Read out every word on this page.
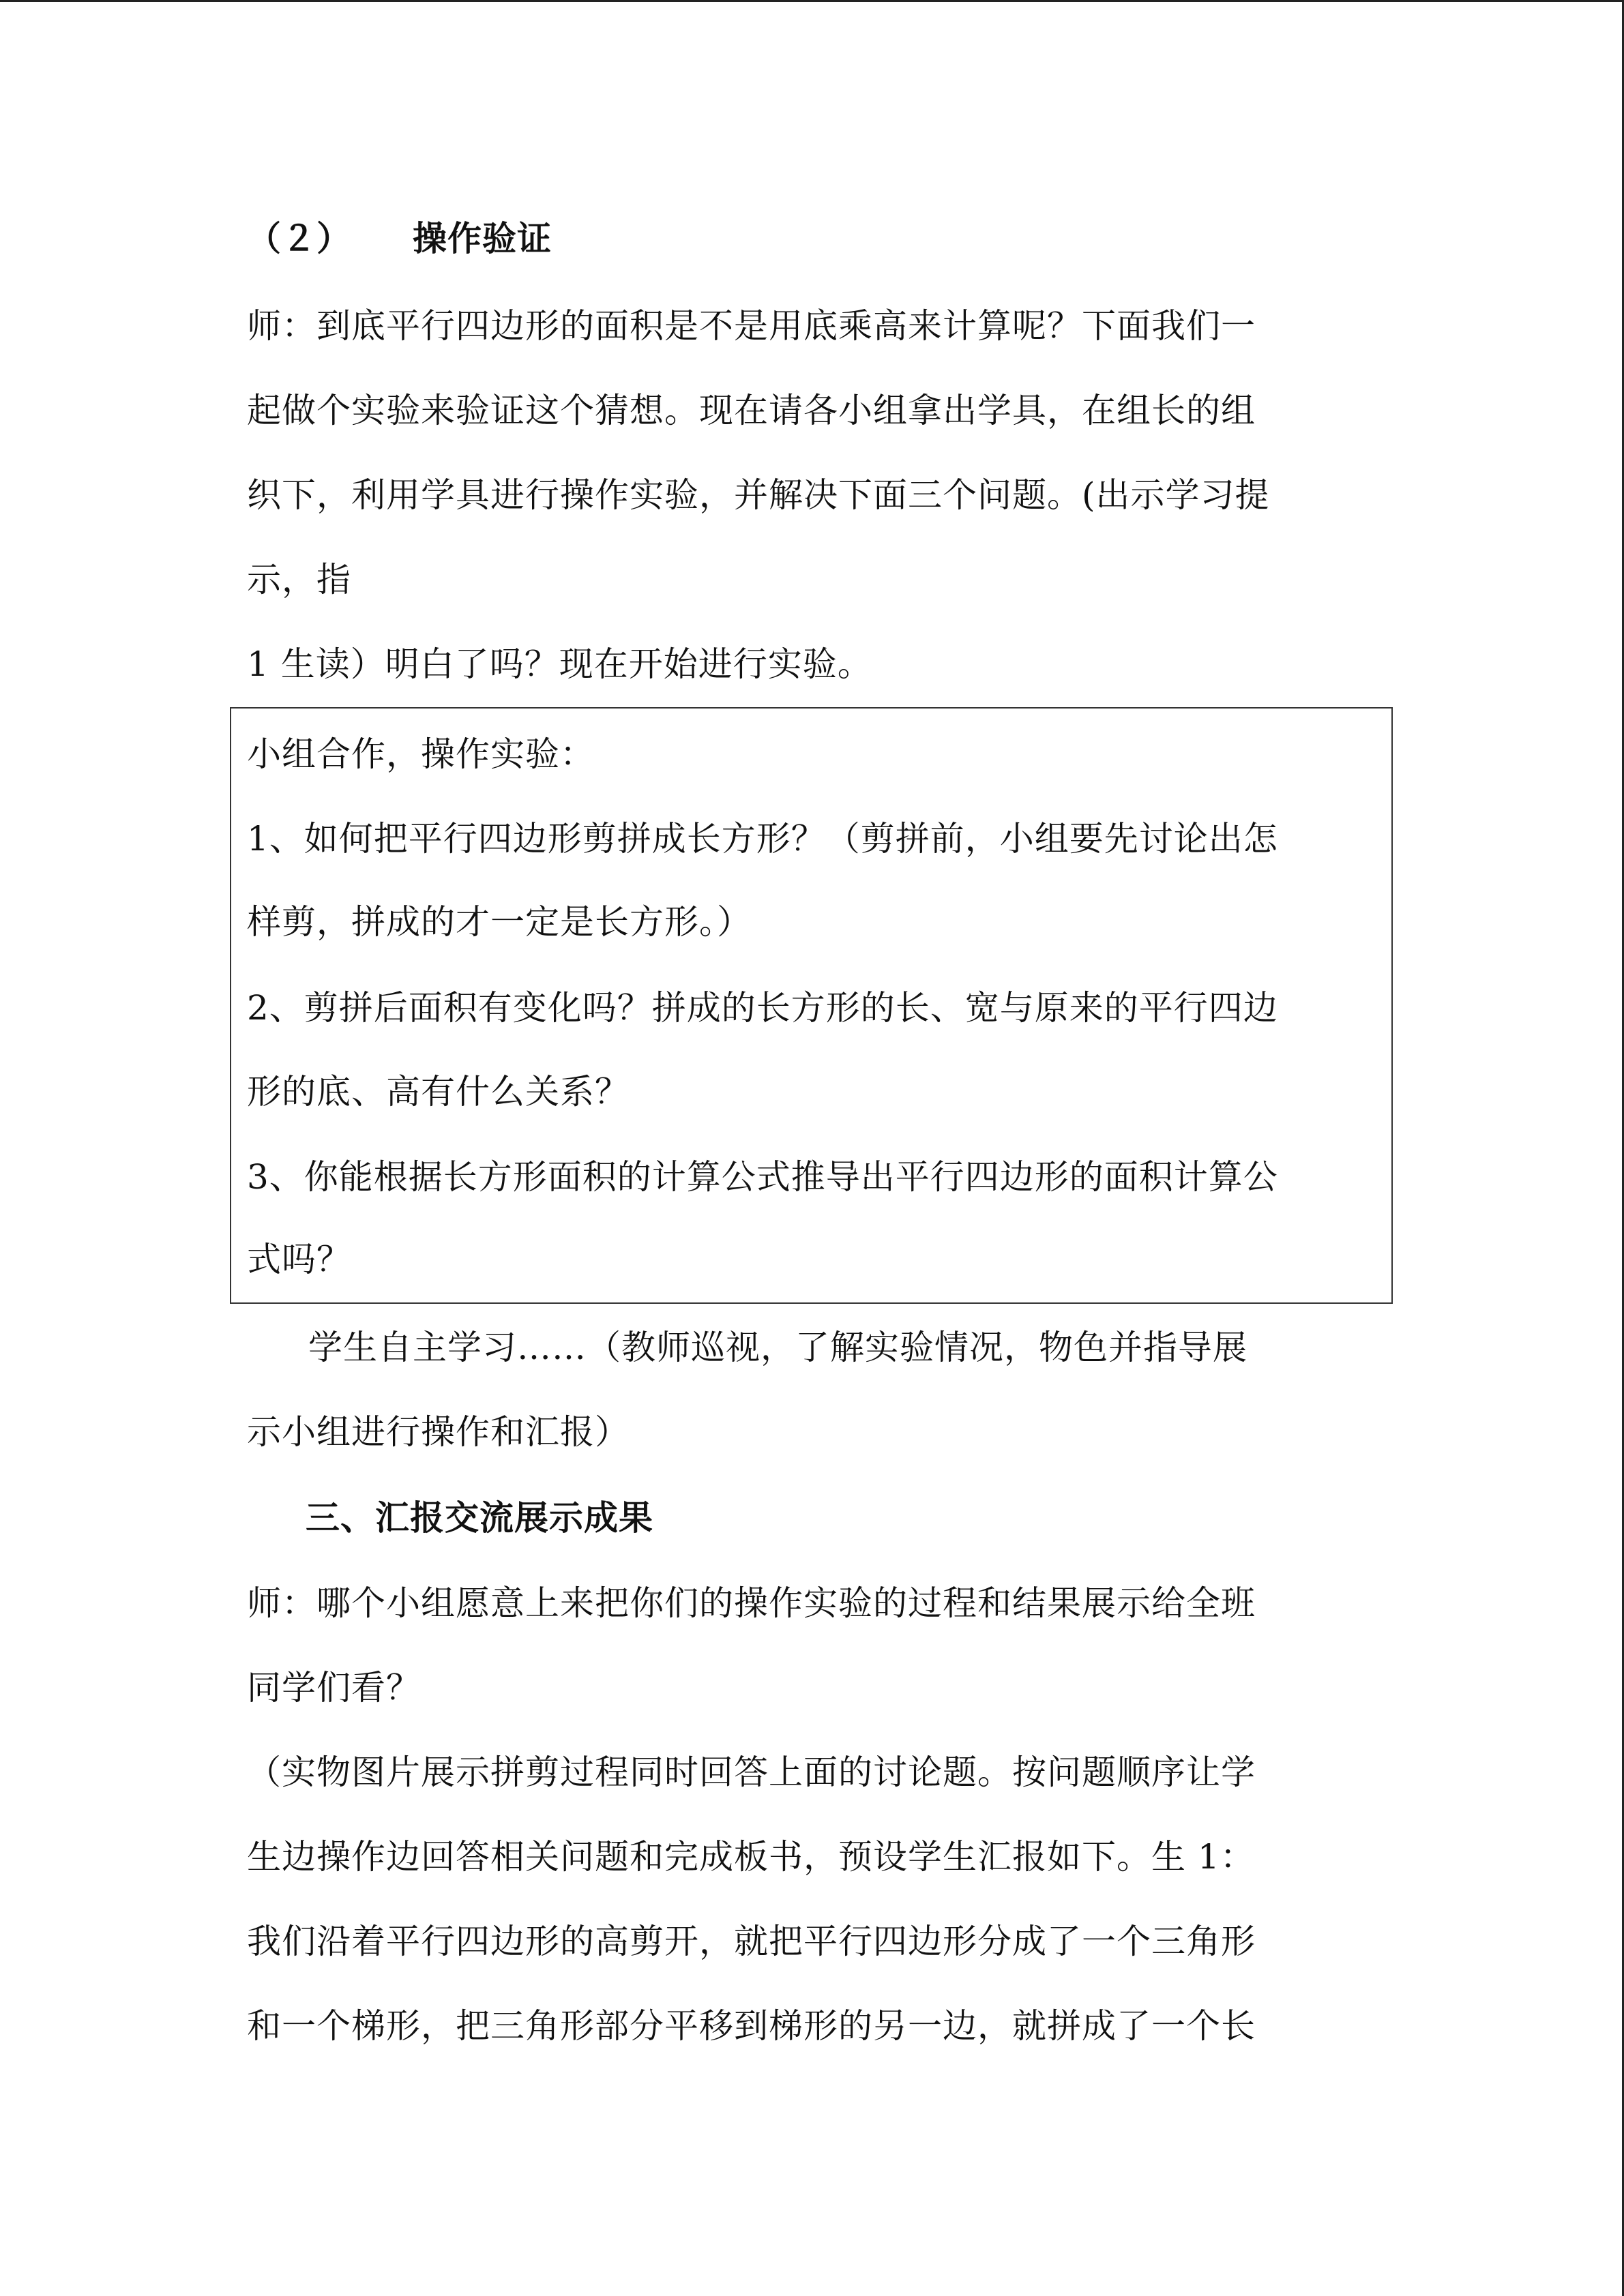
（２） 操作验证
师：到底平行四边形的面积是不是用底乘高来计算呢？下面我们一
起做个实验来验证这个猜想。现在请各小组拿出学具，在组长的组
织下，利用学具进行操作实验，并解决下面三个问题。(出示学习提
示，指
1 生读）明白了吗？现在开始进行实验。
小组合作，操作实验：
1、如何把平行四边形剪拼成长方形？（剪拼前，小组要先讨论出怎
样剪，拼成的才一定是长方形。）
2、剪拼后面积有变化吗？拼成的长方形的长、宽与原来的平行四边
形的底、高有什么关系？
3、你能根据长方形面积的计算公式推导出平行四边形的面积计算公
式吗？
学生自主学习……（教师巡视，了解实验情况，物色并指导展
示小组进行操作和汇报）
三、汇报交流展示成果
师：哪个小组愿意上来把你们的操作实验的过程和结果展示给全班
同学们看？
（实物图片展示拼剪过程同时回答上面的讨论题。按问题顺序让学
生边操作边回答相关问题和完成板书，预设学生汇报如下。生 1：
我们沿着平行四边形的高剪开，就把平行四边形分成了一个三角形
和一个梯形，把三角形部分平移到梯形的另一边，就拼成了一个长
